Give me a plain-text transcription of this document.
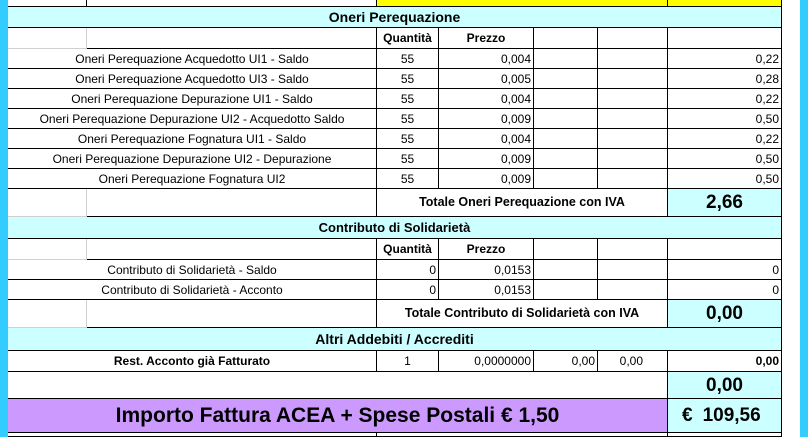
Oneri Perequazione
Quantità	Prezzo
Oneri Perequazione Acquedotto UI1 - Saldo	55	0,004	0,22
Oneri Perequazione Acquedotto UI3 - Saldo	55	0,005	0,28
Oneri Perequazione Depurazione UI1 - Saldo	55	0,004	0,22
Oneri Perequazione Depurazione UI2 - Acquedotto Saldo	55	0,009	0,50
Oneri Perequazione Fognatura UI1 - Saldo	55	0,004	0,22
Oneri Perequazione Depurazione UI2 - Depurazione	55	0,009	0,50
Oneri Perequazione Fognatura UI2	55	0,009	0,50
Totale Oneri Perequazione con IVA	2,66
Contributo di Solidarietà
Quantità	Prezzo
Contributo di Solidarietà - Saldo	0	0,0153	0
Contributo di Solidarietà - Acconto	0	0,0153	0
Totale Contributo di Solidarietà con IVA	0,00
Altri Addebiti / Accrediti
Rest. Acconto già Fatturato	1	0,0000000	0,00	0,00	0,00
0,00
Importo Fattura ACEA + Spese Postali € 1,50	€ 109,56
